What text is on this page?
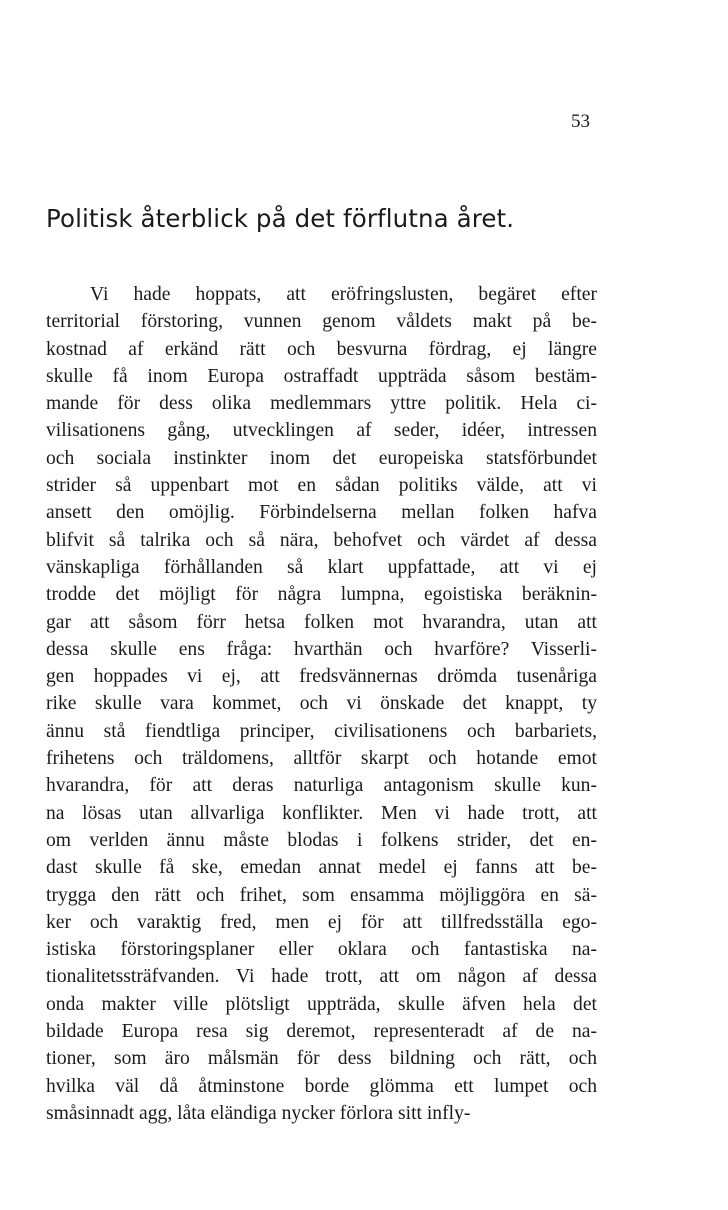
53
Politisk återblick på det förflutna året.
Vi hade hoppats, att eröfringslusten, begäret efter
territorial förstoring, vunnen genom våldets makt på be-
kostnad af erkänd rätt och besvurna fördrag, ej längre
skulle få inom Europa ostraffadt uppträda såsom bestäm-
mande för dess olika medlemmars yttre politik. Hela ci-
vilisationens gång, utvecklingen af seder, idéer, intressen
och sociala instinkter inom det europeiska statsförbundet
strider så uppenbart mot en sådan politiks välde, att vi
ansett den omöjlig. Förbindelserna mellan folken hafva
blifvit så talrika och så nära, behofvet och värdet af dessa
vänskapliga förhållanden så klart uppfattade, att vi ej
trodde det möjligt för några lumpna, egoistiska beräknin-
gar att såsom förr hetsa folken mot hvarandra, utan att
dessa skulle ens fråga: hvarthän och hvarföre? Visserli-
gen hoppades vi ej, att fredsvännernas drömda tusenåriga
rike skulle vara kommet, och vi önskade det knappt, ty
ännu stå fiendtliga principer, civilisationens och barbariets,
frihetens och träldomens, alltför skarpt och hotande emot
hvarandra, för att deras naturliga antagonism skulle kun-
na lösas utan allvarliga konflikter. Men vi hade trott, att
om verlden ännu måste blodas i folkens strider, det en-
dast skulle få ske, emedan annat medel ej fanns att be-
trygga den rätt och frihet, som ensamma möjliggöra en sä-
ker och varaktig fred, men ej för att tillfredsställa ego-
istiska förstoringsplaner eller oklara och fantastiska na-
tionalitetssträfvanden. Vi hade trott, att om någon af dessa
onda makter ville plötsligt uppträda, skulle äfven hela det
bildade Europa resa sig deremot, representeradt af de na-
tioner, som äro målsmän för dess bildning och rätt, och
hvilka väl då åtminstone borde glömma ett lumpet och
småsinnadt agg, låta eländiga nycker förlora sitt infly-
